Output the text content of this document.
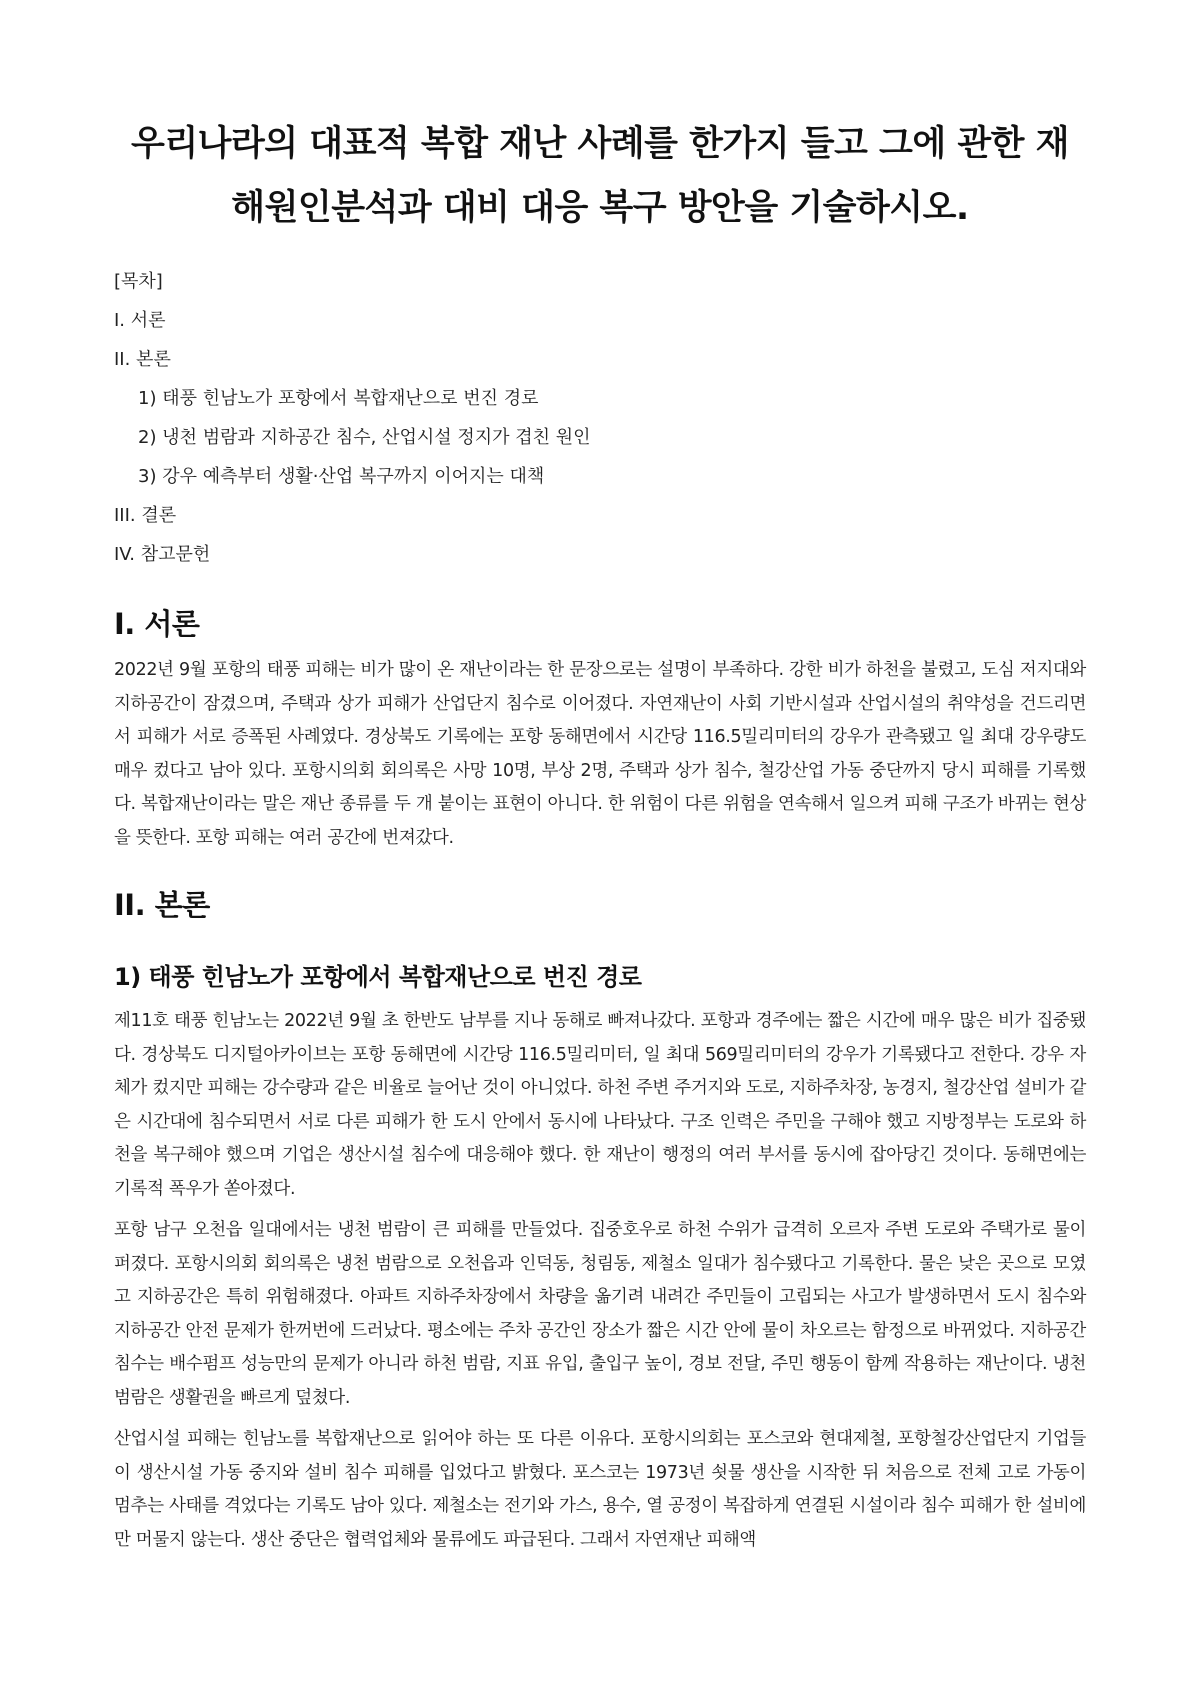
우리나라의 대표적 복합 재난 사례를 한가지 들고 그에 관한 재
해원인분석과 대비 대응 복구 방안을 기술하시오.
[목차]
I. 서론
II. 본론
1) 태풍 힌남노가 포항에서 복합재난으로 번진 경로
2) 냉천 범람과 지하공간 침수, 산업시설 정지가 겹친 원인
3) 강우 예측부터 생활·산업 복구까지 이어지는 대책
III. 결론
IV. 참고문헌
I. 서론

2022년 9월 포항의 태풍 피해는 비가 많이 온 재난이라는 한 문장으로는 설명이 부족하다. 강한 비가 하천을 불렸고, 도심 저지대와 지하공간이 잠겼으며, 주택과 상가 피해가 산업단지 침수로 이어졌다. 자연재난이 사회 기반시설과 산업시설의 취약성을 건드리면서 피해가 서로 증폭된 사례였다. 경상북도 기록에는 포항 동해면에서 시간당 116.5밀리미터의 강우가 관측됐고 일 최대 강우량도 매우 컸다고 남아 있다. 포항시의회 회의록은 사망 10명, 부상 2명, 주택과 상가 침수, 철강산업 가동 중단까지 당시 피해를 기록했다. 복합재난이라는 말은 재난 종류를 두 개 붙이는 표현이 아니다. 한 위험이 다른 위험을 연속해서 일으켜 피해 구조가 바뀌는 현상을 뜻한다. 포항 피해는 여러 공간에 번져갔다.

II. 본론
1) 태풍 힌남노가 포항에서 복합재난으로 번진 경로

제11호 태풍 힌남노는 2022년 9월 초 한반도 남부를 지나 동해로 빠져나갔다. 포항과 경주에는 짧은 시간에 매우 많은 비가 집중됐다. 경상북도 디지털아카이브는 포항 동해면에 시간당 116.5밀리미터, 일 최대 569밀리미터의 강우가 기록됐다고 전한다. 강우 자체가 컸지만 피해는 강수량과 같은 비율로 늘어난 것이 아니었다. 하천 주변 주거지와 도로, 지하주차장, 농경지, 철강산업 설비가 같은 시간대에 침수되면서 서로 다른 피해가 한 도시 안에서 동시에 나타났다. 구조 인력은 주민을 구해야 했고 지방정부는 도로와 하천을 복구해야 했으며 기업은 생산시설 침수에 대응해야 했다. 한 재난이 행정의 여러 부서를 동시에 잡아당긴 것이다. 동해면에는 기록적 폭우가 쏟아졌다.

포항 남구 오천읍 일대에서는 냉천 범람이 큰 피해를 만들었다. 집중호우로 하천 수위가 급격히 오르자 주변 도로와 주택가로 물이 퍼졌다. 포항시의회 회의록은 냉천 범람으로 오천읍과 인덕동, 청림동, 제철소 일대가 침수됐다고 기록한다. 물은 낮은 곳으로 모였고 지하공간은 특히 위험해졌다. 아파트 지하주차장에서 차량을 옮기려 내려간 주민들이 고립되는 사고가 발생하면서 도시 침수와 지하공간 안전 문제가 한꺼번에 드러났다. 평소에는 주차 공간인 장소가 짧은 시간 안에 물이 차오르는 함정으로 바뀌었다. 지하공간 침수는 배수펌프 성능만의 문제가 아니라 하천 범람, 지표 유입, 출입구 높이, 경보 전달, 주민 행동이 함께 작용하는 재난이다. 냉천 범람은 생활권을 빠르게 덮쳤다.

산업시설 피해는 힌남노를 복합재난으로 읽어야 하는 또 다른 이유다. 포항시의회는 포스코와 현대제철, 포항철강산업단지 기업들이 생산시설 가동 중지와 설비 침수 피해를 입었다고 밝혔다. 포스코는 1973년 쇳물 생산을 시작한 뒤 처음으로 전체 고로 가동이 멈추는 사태를 격었다는 기록도 남아 있다. 제철소는 전기와 가스, 용수, 열 공정이 복잡하게 연결된 시설이라 침수 피해가 한 설비에만 머물지 않는다. 생산 중단은 협력업체와 물류에도 파급된다. 그래서 자연재난 피해액
